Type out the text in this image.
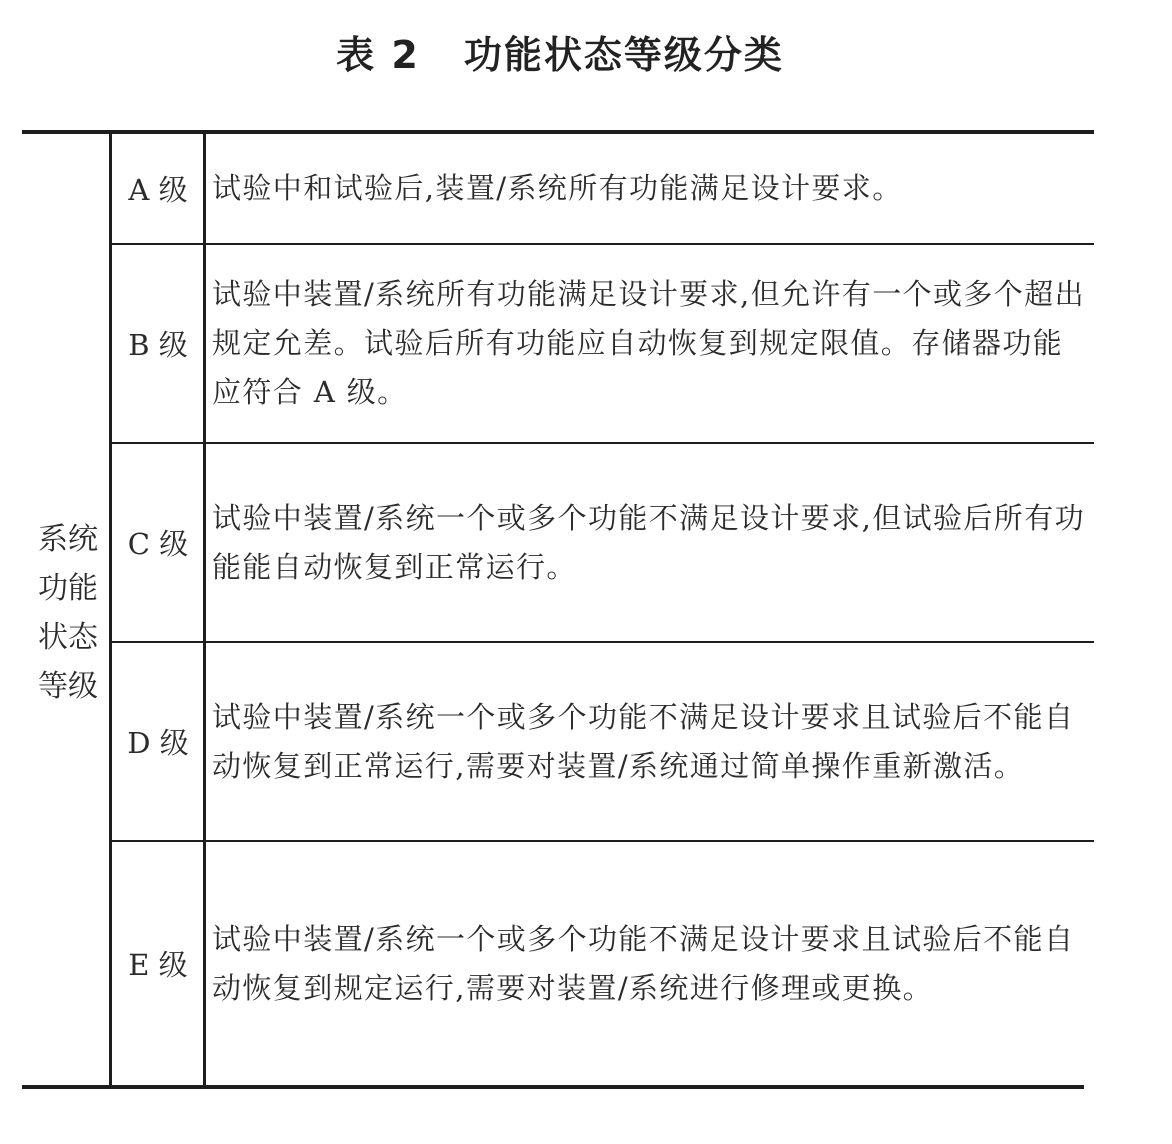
表 2 功能状态等级分类
系统
功能
状态
等级
A 级 试验中和试验后,装置/系统所有功能满足设计要求。
B 级
试验中装置/系统所有功能满足设计要求,但允许有一个或多个超出规定允差。试验后所有功能应自动恢复到规定限值。存储器功能应符合 A 级。
C 级
试验中装置/系统一个或多个功能不满足设计要求,但试验后所有功能能自动恢复到正常运行。
D 级
试验中装置/系统一个或多个功能不满足设计要求且试验后不能自动恢复到正常运行,需要对装置/系统通过简单操作重新激活。
E 级
试验中装置/系统一个或多个功能不满足设计要求且试验后不能自动恢复到规定运行,需要对装置/系统进行修理或更换。
